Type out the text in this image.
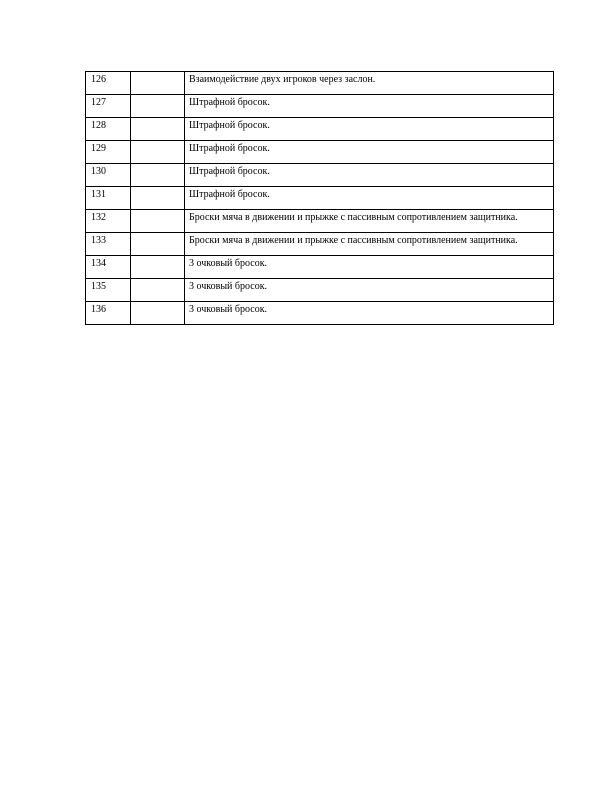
126		Взаимодействие двух игроков через заслон.
127		Штрафной бросок.
128		Штрафной бросок.
129		Штрафной бросок.
130		Штрафной бросок.
131		Штрафной бросок.
132		Броски мяча в движении и прыжке с пассивным сопротивлением защитника.
133		Броски мяча в движении и прыжке с пассивным сопротивлением защитника.
134		3 очковый бросок.
135		3 очковый бросок.
136		3 очковый бросок.
